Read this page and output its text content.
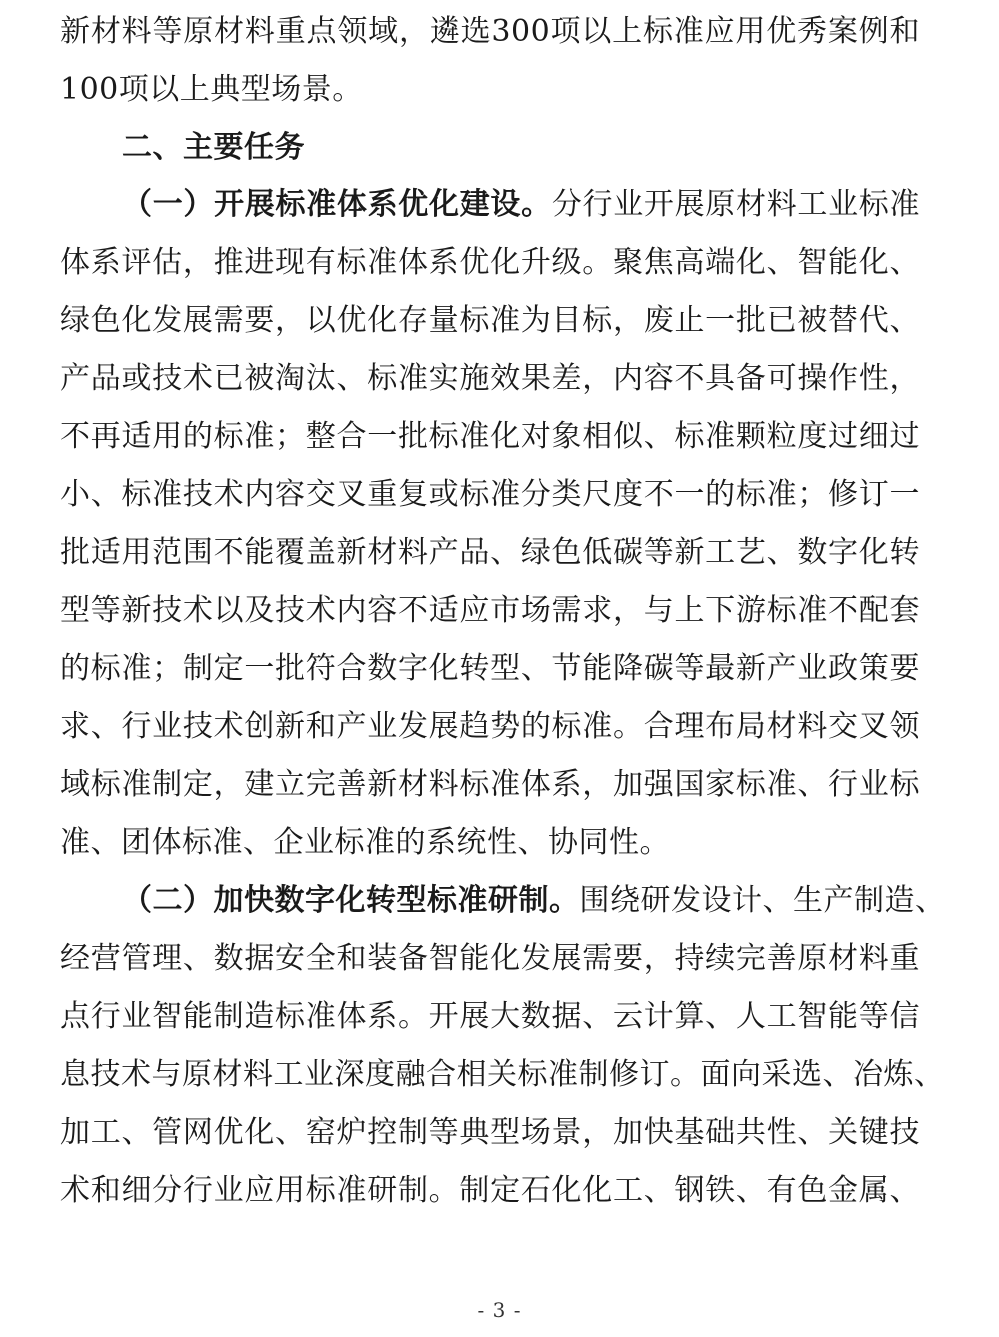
新材料等原材料重点领域，遴选300项以上标准应用优秀案例和
100项以上典型场景。
二、主要任务
（一）开展标准体系优化建设。分行业开展原材料工业标准
体系评估，推进现有标准体系优化升级。聚焦高端化、智能化、
绿色化发展需要，以优化存量标准为目标，废止一批已被替代、
产品或技术已被淘汰、标准实施效果差，内容不具备可操作性，
不再适用的标准；整合一批标准化对象相似、标准颗粒度过细过
小、标准技术内容交叉重复或标准分类尺度不一的标准；修订一
批适用范围不能覆盖新材料产品、绿色低碳等新工艺、数字化转
型等新技术以及技术内容不适应市场需求，与上下游标准不配套
的标准；制定一批符合数字化转型、节能降碳等最新产业政策要
求、行业技术创新和产业发展趋势的标准。合理布局材料交叉领
域标准制定，建立完善新材料标准体系，加强国家标准、行业标
准、团体标准、企业标准的系统性、协同性。
（二）加快数字化转型标准研制。围绕研发设计、生产制造、
经营管理、数据安全和装备智能化发展需要，持续完善原材料重
点行业智能制造标准体系。开展大数据、云计算、人工智能等信
息技术与原材料工业深度融合相关标准制修订。面向采选、冶炼、
加工、管网优化、窑炉控制等典型场景，加快基础共性、关键技
术和细分行业应用标准研制。制定石化化工、钢铁、有色金属、
- 3 -
